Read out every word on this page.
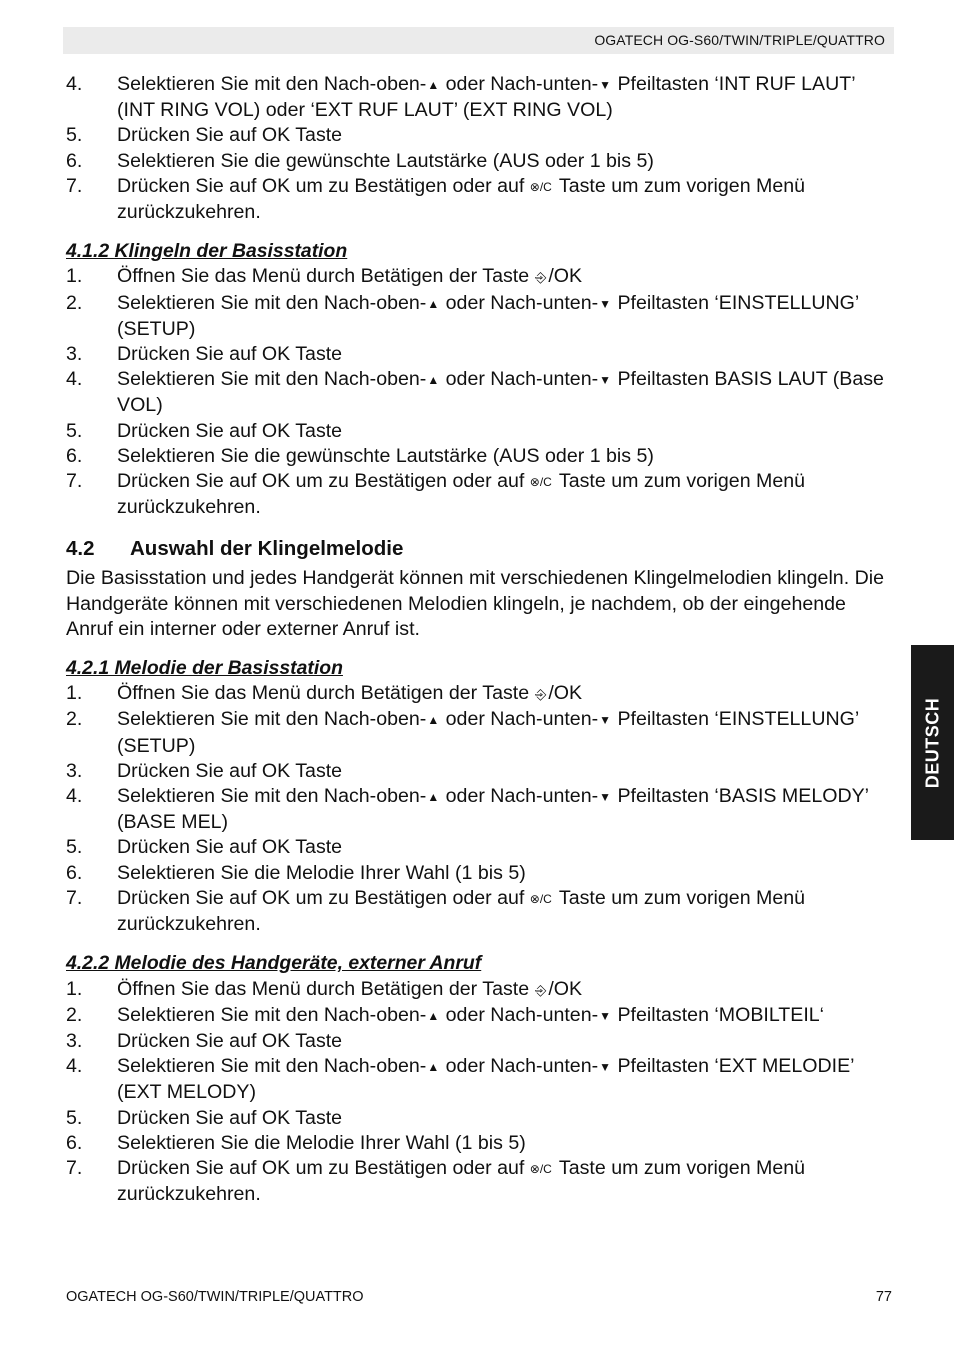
OGATECH OG-S60/TWIN/TRIPLE/QUATTRO
4. Selektieren Sie mit den Nach-oben-▲ oder Nach-unten-▼ Pfeiltasten ‘INT RUF LAUT’ (INT RING VOL) oder ‘EXT RUF LAUT’ (EXT RING VOL)
5. Drücken Sie auf OK Taste
6. Selektieren Sie die gewünschte Lautstärke (AUS oder 1 bis 5)
7. Drücken Sie auf OK um zu Bestätigen oder auf ⊗/C Taste um zum vorigen Menü zurückzukehren.
4.1.2 Klingeln der Basisstation
1. Öffnen Sie das Menü durch Betätigen der Taste ⎆ /OK
2. Selektieren Sie mit den Nach-oben-▲ oder Nach-unten-▼ Pfeiltasten ‘EINSTELLUNG’ (SETUP)
3. Drücken Sie auf OK Taste
4. Selektieren Sie mit den Nach-oben-▲ oder Nach-unten-▼ Pfeiltasten BASIS LAUT (Base VOL)
5. Drücken Sie auf OK Taste
6. Selektieren Sie die gewünschte Lautstärke (AUS oder 1 bis 5)
7. Drücken Sie auf OK um zu Bestätigen oder auf ⊗/C Taste um zum vorigen Menü zurückzukehren.
4.2 Auswahl der Klingelmelodie

Die Basisstation und jedes Handgerät können mit verschiedenen Klingelmelodien klingeln. Die Handgeräte können mit verschiedenen Melodien klingeln, je nachdem, ob der eingehende Anruf ein interner oder externer Anruf ist.

4.2.1 Melodie der Basisstation
1. Öffnen Sie das Menü durch Betätigen der Taste ⎆ /OK
2. Selektieren Sie mit den Nach-oben-▲ oder Nach-unten-▼ Pfeiltasten ‘EINSTELLUNG’ (SETUP)
3. Drücken Sie auf OK Taste
4. Selektieren Sie mit den Nach-oben-▲ oder Nach-unten-▼ Pfeiltasten ‘BASIS MELODY’ (BASE MEL)
5. Drücken Sie auf OK Taste
6. Selektieren Sie die Melodie Ihrer Wahl (1 bis 5)
7. Drücken Sie auf OK um zu Bestätigen oder auf ⊗/C Taste um zum vorigen Menü zurückzukehren.
4.2.2 Melodie des Handgeräte, externer Anruf
1. Öffnen Sie das Menü durch Betätigen der Taste ⎆ /OK
2. Selektieren Sie mit den Nach-oben-▲ oder Nach-unten-▼ Pfeiltasten ‘MOBILTEIL‘
3. Drücken Sie auf OK Taste
4. Selektieren Sie mit den Nach-oben-▲ oder Nach-unten-▼ Pfeiltasten ‘EXT MELODIE’ (EXT MELODY)
5. Drücken Sie auf OK Taste
6. Selektieren Sie die Melodie Ihrer Wahl (1 bis 5)
7. Drücken Sie auf OK um zu Bestätigen oder auf ⊗/C Taste um zum vorigen Menü zurückzukehren.
DEUTSCH
OGATECH OG-S60/TWIN/TRIPLE/QUATTRO	77
